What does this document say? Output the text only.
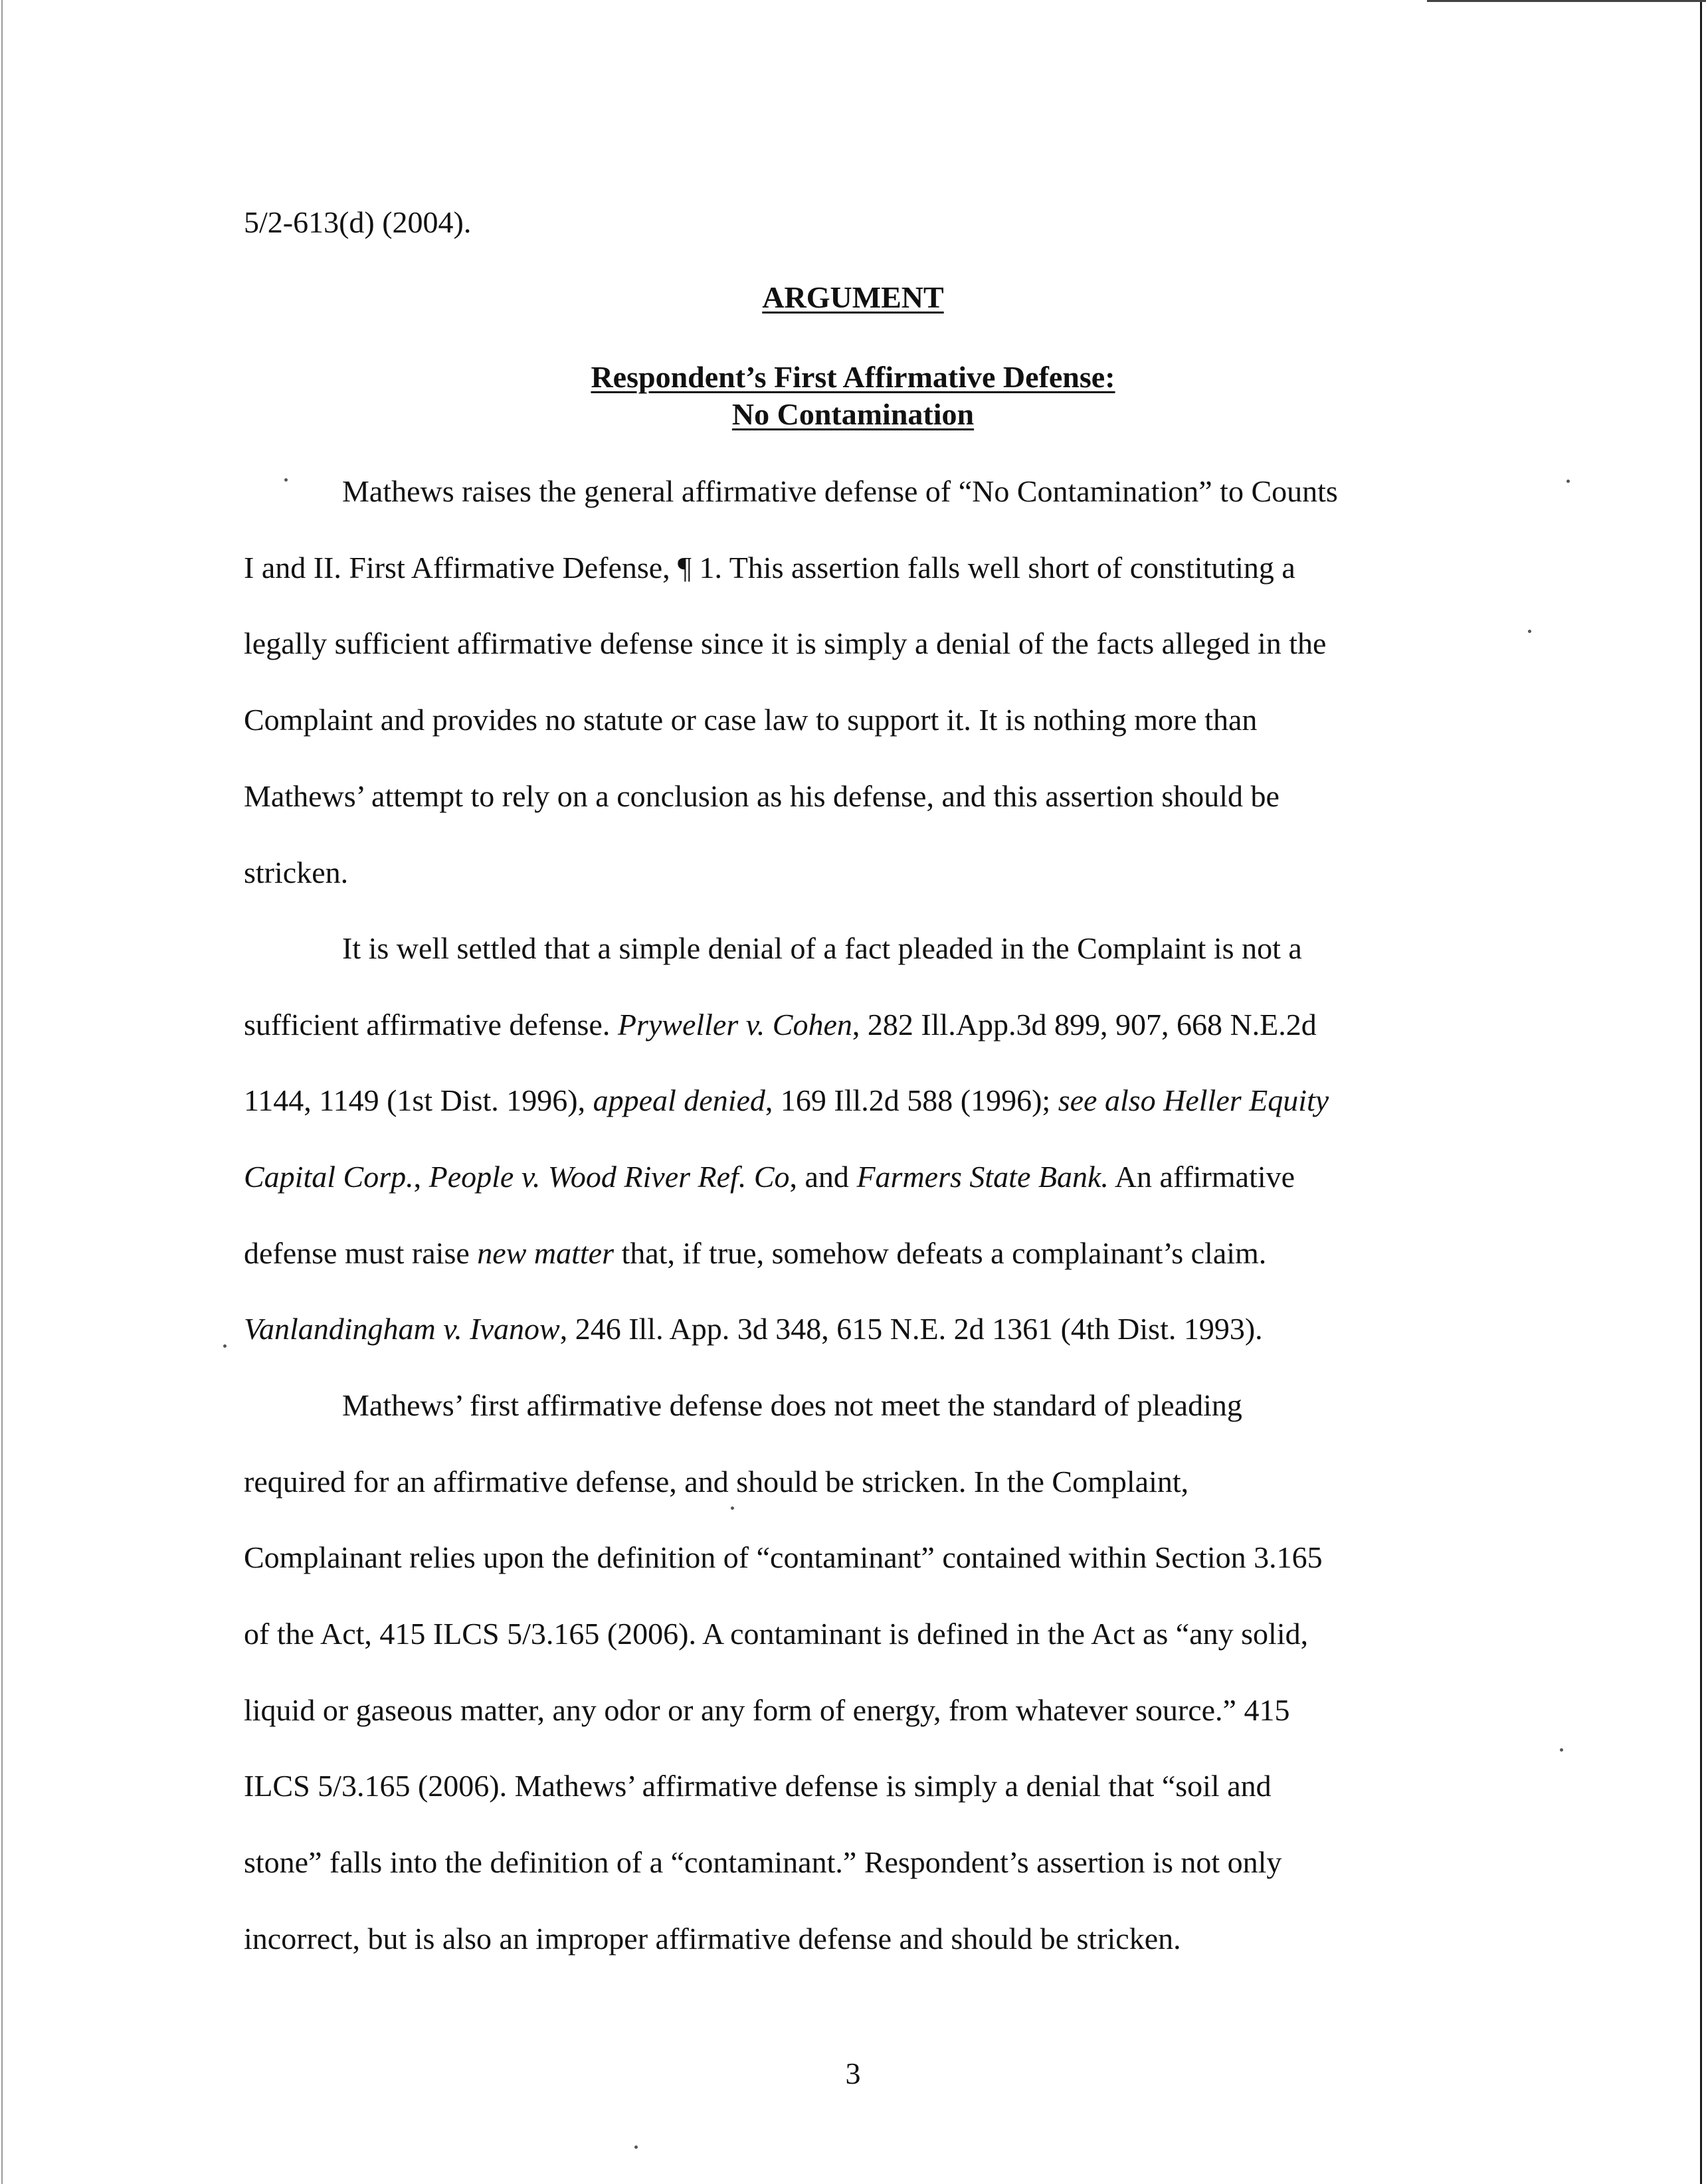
5/2-613(d) (2004).
ARGUMENT
Respondent’s First Affirmative Defense:
No Contamination
Mathews raises the general affirmative defense of “No Contamination” to Counts
I and II. First Affirmative Defense, ¶ 1. This assertion falls well short of constituting a
legally sufficient affirmative defense since it is simply a denial of the facts alleged in the
Complaint and provides no statute or case law to support it. It is nothing more than
Mathews’ attempt to rely on a conclusion as his defense, and this assertion should be
stricken.
It is well settled that a simple denial of a fact pleaded in the Complaint is not a
sufficient affirmative defense. Pryweller v. Cohen, 282 Ill.App.3d 899, 907, 668 N.E.2d
1144, 1149 (1st Dist. 1996), appeal denied, 169 Ill.2d 588 (1996); see also Heller Equity
Capital Corp., People v. Wood River Ref. Co, and Farmers State Bank. An affirmative
defense must raise new matter that, if true, somehow defeats a complainant’s claim.
Vanlandingham v. Ivanow, 246 Ill. App. 3d 348, 615 N.E. 2d 1361 (4th Dist. 1993).
Mathews’ first affirmative defense does not meet the standard of pleading
required for an affirmative defense, and should be stricken. In the Complaint,
Complainant relies upon the definition of “contaminant” contained within Section 3.165
of the Act, 415 ILCS 5/3.165 (2006). A contaminant is defined in the Act as “any solid,
liquid or gaseous matter, any odor or any form of energy, from whatever source.” 415
ILCS 5/3.165 (2006). Mathews’ affirmative defense is simply a denial that “soil and
stone” falls into the definition of a “contaminant.” Respondent’s assertion is not only
incorrect, but is also an improper affirmative defense and should be stricken.
3
